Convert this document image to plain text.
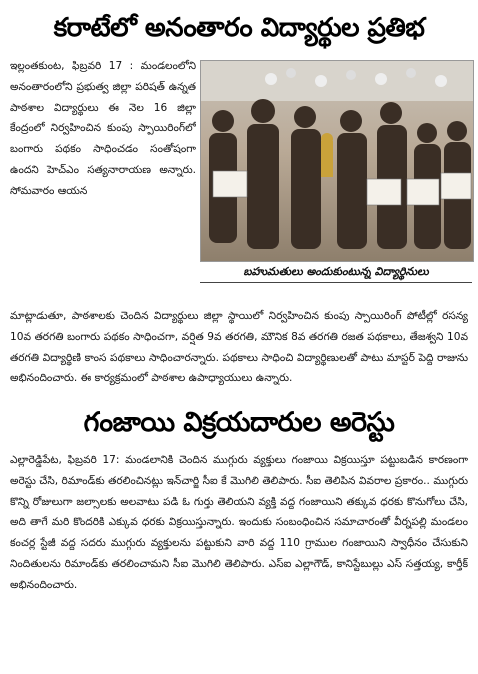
కరాటేలో అనంతారం విద్యార్థుల ప్రతిభ
ఇల్లంతకుంట, ఫిబ్రవరి 17 : మండలంలోని అనంతారంలోని ప్రభుత్వ జిల్లా పరిషత్ ఉన్నత పాఠశాల విద్యార్థులు ఈ నెల 16 జిల్లా కేంద్రంలో నిర్వహించిన కుంపు స్పాయిరింగ్‌లో బంగారు పథకం సాధించడం సంతోషంగా ఉందని హెచ్ఎం సత్యనారాయణ అన్నారు. సోమవారం ఆయన
బహుమతులు అందుకుంటున్న విద్యార్థినులు
మాట్లాడుతూ, పాఠశాలకు చెందిన విద్యార్థులు జిల్లా స్థాయిలో నిర్వహించిన కుంపు స్పాయిరింగ్ పోటీల్లో రసన్య 10వ తరగతి బంగారు పథకం సాధించగా, వర్షిత 9వ తరగతి, మౌనిక 8వ తరగతి రజత పథకాలు, తేజశ్వని 10వ తరగతి విద్యార్థిణి కాంస పథకాలు సాధించారన్నారు. పథకాలు సాధించి విద్యార్థిణులతో పాటు మాస్టర్ పెద్ది రాజును అభినందించారు. ఈ కార్యక్రమంలో పాఠశాల ఉపాధ్యాయులు ఉన్నారు.
గంజాయి విక్రయదారుల అరెస్టు
ఎల్లారెడ్డిపేట, ఫిబ్రవరి 17: మండలానికి చెందిన ముగ్గురు వ్యక్తులు గంజాయి విక్రయిస్తూ పట్టుబడిన కారణంగా అరెస్టు చేసి, రిమాండ్‌కు తరలించినట్లు ఇన్‌చార్జి సీఐ కే మొగిలి తెలిపారు. సీఐ తెలిపిన వివరాల ప్రకారం.. ముగ్గురు కొన్ని రోజులుగా జల్సాలకు అలవాటు పడి ఓ గుర్తు తెలియని వ్యక్తి వద్ద గంజాయిని తక్కువ ధరకు కొనుగోలు చేసి, అది తాగే మరి కొందరికి ఎక్కువ ధరకు విక్రయిస్తున్నారు. ఇందుకు సంబంధించిన సమాచారంతో వీర్నపల్లి మండలం కంచర్ల స్టేజీ వద్ద సదరు ముగ్గురు వ్యక్తులను పట్టుకుని వారి వద్ద 110 గ్రాముల గంజాయిని స్వాధీనం చేసుకుని నిందితులను రిమాండ్‌కు తరలించామని సీఐ మొగిలి తెలిపారు. ఎస్ఐ ఎల్లాగౌడ్, కానిస్టేబుల్లు ఎస్ సత్తయ్య, కార్తీక్ అభినందించారు.
